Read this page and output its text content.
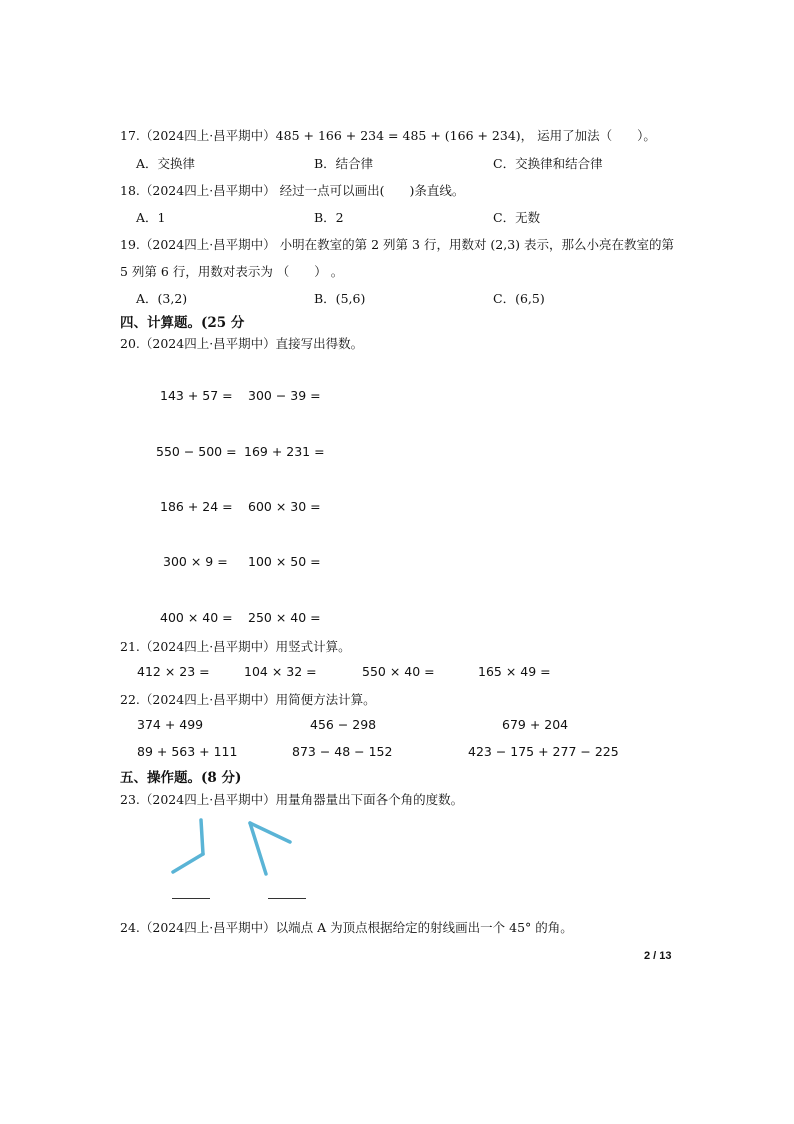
17.（2024四上·昌平期中）485 + 166 + 234 = 485 + (166 + 234)， 运用了加法（　　）。
A．交换律	B．结合律	C．交换律和结合律
18.（2024四上·昌平期中） 经过一点可以画出(　　)条直线。
A．1	B．2	C．无数
19.（2024四上·昌平期中） 小明在教室的第 2 列第 3 行，用数对 (2,3) 表示，那么小亮在教室的第
5 列第 6 行，用数对表示为 （　　） 。
A．(3,2)	B．(5,6)	C．(6,5)
四、计算题。(25 分
20.（2024四上·昌平期中）直接写出得数。
143 + 57 = 300 − 39 =
550 − 500 = 169 + 231 =
186 + 24 = 600 × 30 =
300 × 9 = 100 × 50 =
400 × 40 = 250 × 40 =
21.（2024四上·昌平期中）用竖式计算。
412 × 23 =	104 × 32 =	550 × 40 =	165 × 49 =
22.（2024四上·昌平期中）用简便方法计算。
374 + 499	456 − 298	679 + 204
89 + 563 + 111	873 − 48 − 152	423 − 175 + 277 − 225
五、操作题。(8 分)
23.（2024四上·昌平期中）用量角器量出下面各个角的度数。
24.（2024四上·昌平期中）以端点 A 为顶点根据给定的射线画出一个 45° 的角。
2 / 13
